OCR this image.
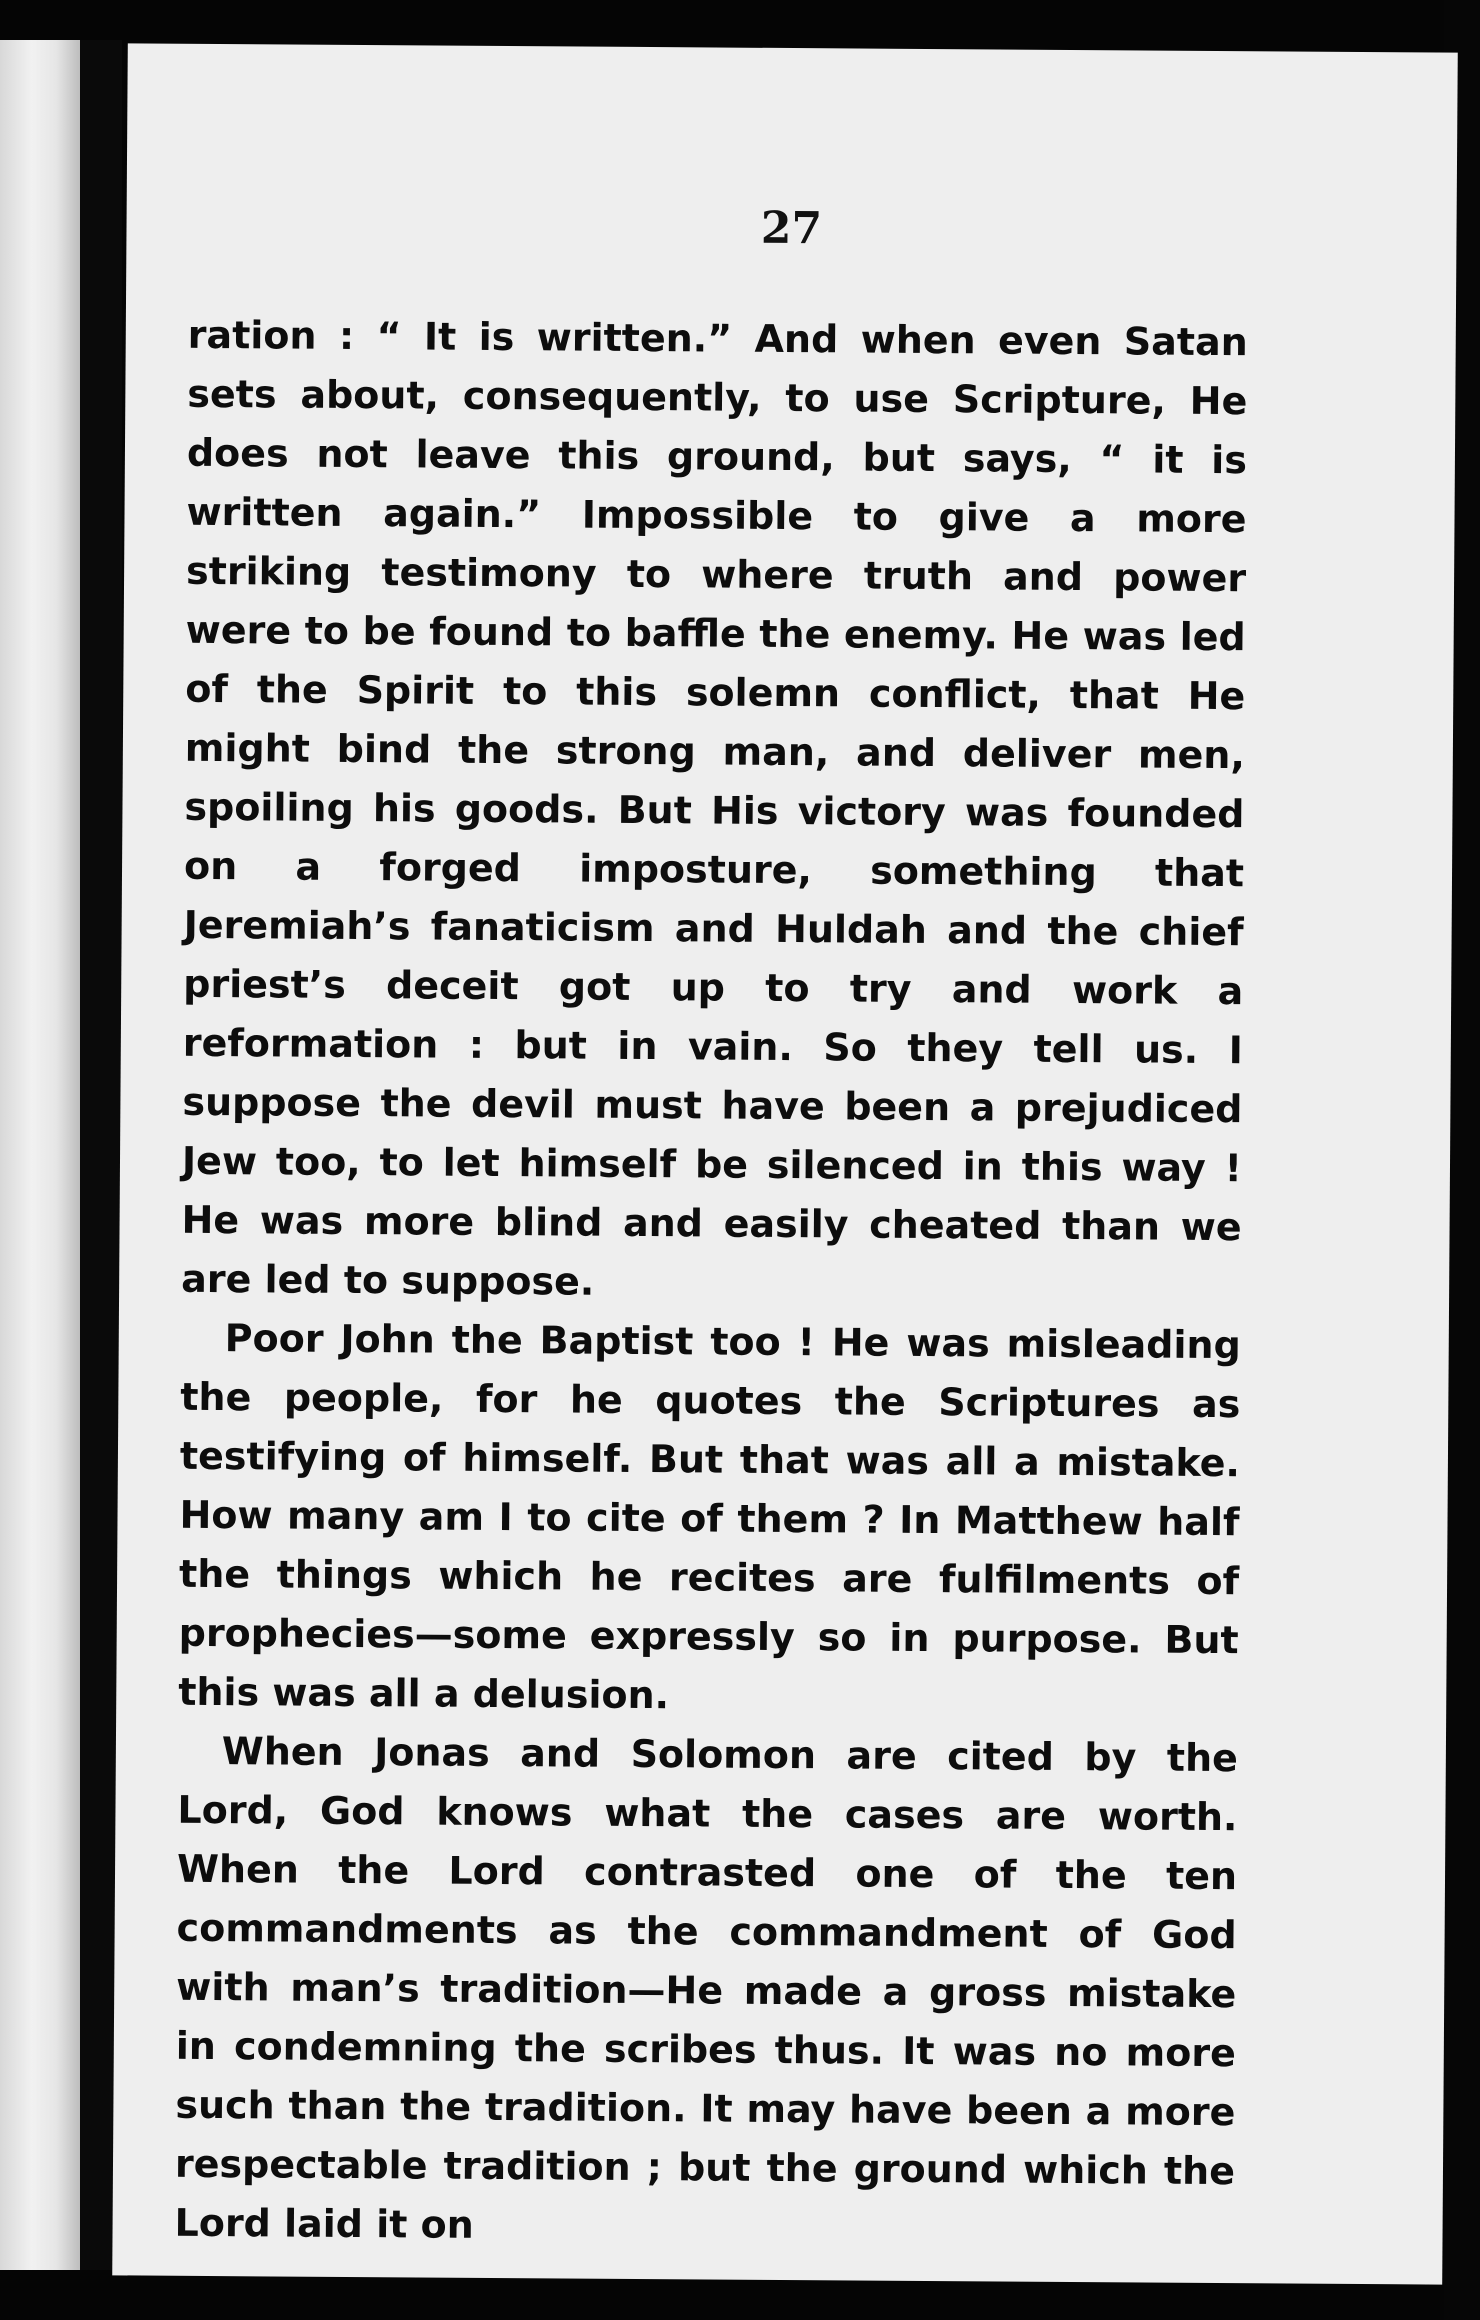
27

ration : “ It is written.” And when even Satan sets about, consequently, to use Scripture, He does not leave this ground, but says, “ it is written again.” Impossible to give a more striking testimony to where truth and power were to be found to baffle the enemy. He was led of the Spirit to this solemn conflict, that He might bind the strong man, and deliver men, spoiling his goods. But His victory was founded on a forged imposture, something that Jeremiah’s fanaticism and Huldah and the chief priest’s deceit got up to try and work a reformation : but in vain. So they tell us. I suppose the devil must have been a prejudiced Jew too, to let himself be silenced in this way ! He was more blind and easily cheated than we are led to suppose.

Poor John the Baptist too ! He was misleading the people, for he quotes the Scriptures as testifying of himself. But that was all a mistake. How many am I to cite of them ? In Matthew half the things which he recites are fulfilments of prophecies—some expressly so in purpose. But this was all a delusion.

When Jonas and Solomon are cited by the Lord, God knows what the cases are worth. When the Lord contrasted one of the ten commandments as the commandment of God with man’s tradition—He made a gross mistake in condemning the scribes thus. It was no more such than the tradition. It may have been a more respectable tradition ; but the ground which the Lord laid it on
